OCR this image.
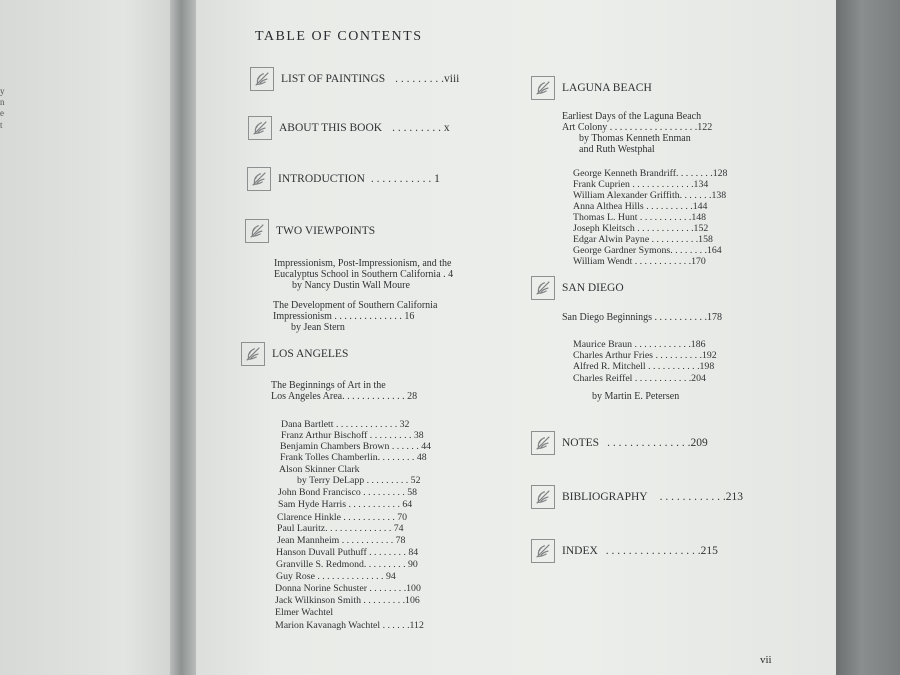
y
n
e
t
TABLE OF CONTENTS
LIST OF PAINTINGS . . . . . . . . .viii
ABOUT THIS BOOK . . . . . . . . . x
INTRODUCTION . . . . . . . . . . . 1
TWO VIEWPOINTS
Impressionism, Post-Impressionism, and the
Eucalyptus School in Southern California . 4
by Nancy Dustin Wall Moure
The Development of Southern California
Impressionism . . . . . . . . . . . . . . 16
by Jean Stern
LOS ANGELES
The Beginnings of Art in the
Los Angeles Area. . . . . . . . . . . . . 28
Dana Bartlett . . . . . . . . . . . . . 32
Franz Arthur Bischoff . . . . . . . . . 38
Benjamin Chambers Brown . . . . . . 44
Frank Tolles Chamberlin. . . . . . . . 48
Alson Skinner Clark
by Terry DeLapp . . . . . . . . . 52
John Bond Francisco . . . . . . . . . 58
Sam Hyde Harris . . . . . . . . . . . 64
Clarence Hinkle . . . . . . . . . . . 70
Paul Lauritz. . . . . . . . . . . . . . 74
Jean Mannheim . . . . . . . . . . . 78
Hanson Duvall Puthuff . . . . . . . . 84
Granville S. Redmond. . . . . . . . . 90
Guy Rose . . . . . . . . . . . . . . 94
Donna Norine Schuster . . . . . . . .100
Jack Wilkinson Smith . . . . . . . . .106
Elmer Wachtel
Marion Kavanagh Wachtel . . . . . .112
LAGUNA BEACH
Earliest Days of the Laguna Beach
Art Colony . . . . . . . . . . . . . . . . . .122
by Thomas Kenneth Enman
and Ruth Westphal
George Kenneth Brandriff. . . . . . . .128
Frank Cuprien . . . . . . . . . . . . .134
William Alexander Griffith. . . . . . .138
Anna Althea Hills . . . . . . . . . .144
Thomas L. Hunt . . . . . . . . . . .148
Joseph Kleitsch . . . . . . . . . . . .152
Edgar Alwin Payne . . . . . . . . . .158
George Gardner Symons. . . . . . . .164
William Wendt . . . . . . . . . . . .170
SAN DIEGO
San Diego Beginnings . . . . . . . . . . .178
Maurice Braun . . . . . . . . . . . .186
Charles Arthur Fries . . . . . . . . . .192
Alfred R. Mitchell . . . . . . . . . . .198
Charles Reiffel . . . . . . . . . . . .204
by Martin E. Petersen
NOTES . . . . . . . . . . . . . . .209
BIBLIOGRAPHY . . . . . . . . . . . .213
INDEX . . . . . . . . . . . . . . . . .215
vii
